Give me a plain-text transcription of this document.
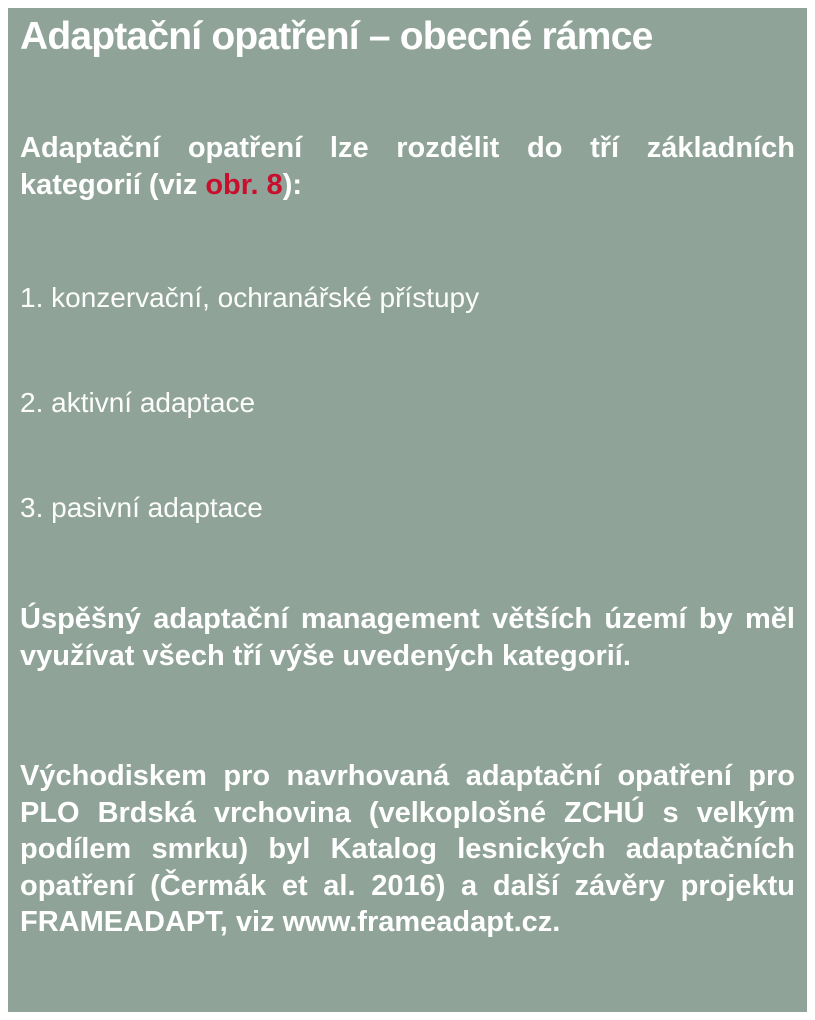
Adaptační opatření – obecné rámce

Adaptační opatření lze rozdělit do tří základních kategorií (viz obr. 8):

1. konzervační, ochranářské přístupy

2. aktivní adaptace

3. pasivní adaptace

Úspěšný adaptační management větších území by měl využívat všech tří výše uvedených kategorií.

Východiskem pro navrhovaná adaptační opatření pro PLO Brdská vrchovina (velkoplošné ZCHÚ s velkým podílem smrku) byl Katalog lesnických adaptačních opatření (Čermák et al. 2016) a další závěry projektu FRAMEADAPT, viz www.frameadapt.cz.
